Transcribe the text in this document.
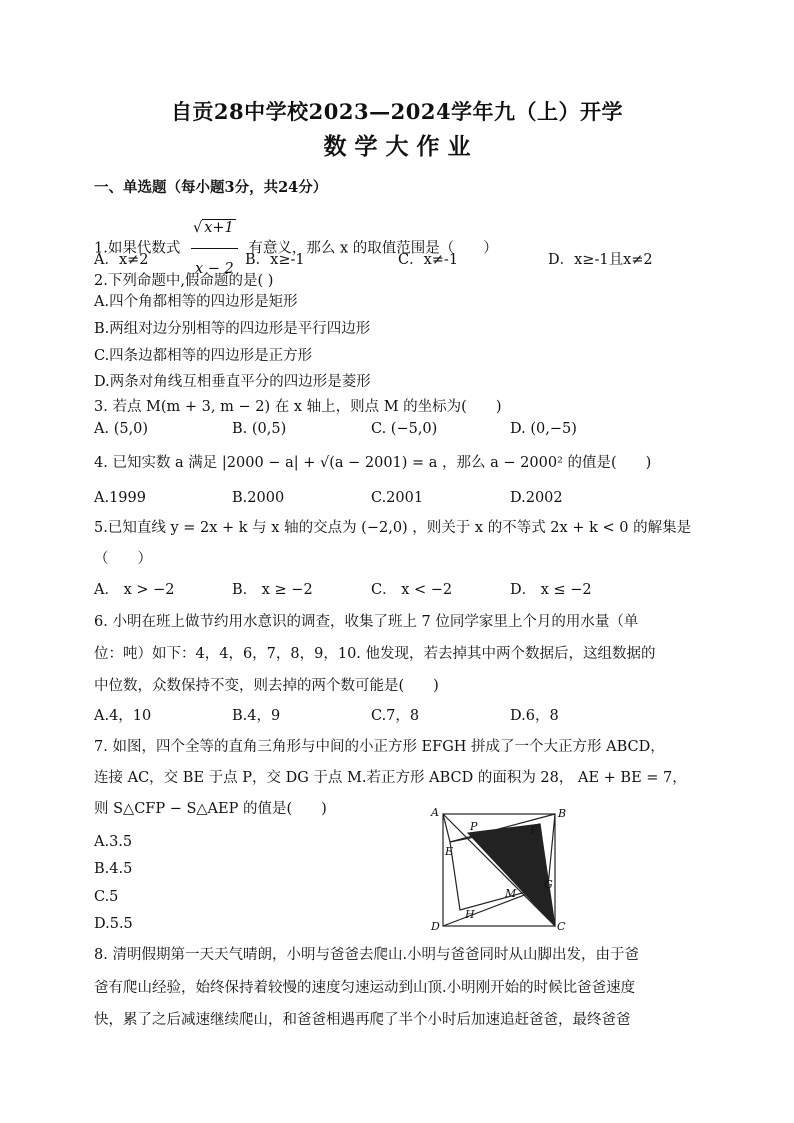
自贡28中学校2023—2024学年九（上）开学
数 学 大 作 业
一、单选题（每小题3分，共24分）
1.如果代数式 $\frac{√ x+1}{x - 2}$ 有意义，那么 x 的取值范围是（　　）
A．x≠2	B．x≥-1	C．x≠-1	D．x≥-1且x≠2
2.下列命题中,假命题的是( )
A.四个角都相等的四边形是矩形
B.两组对边分别相等的四边形是平行四边形
C.四条边都相等的四边形是正方形
D.两条对角线互相垂直平分的四边形是菱形
3. 若点 M(m + 3, m − 2) 在 x 轴上，则点 M 的坐标为(　　)
A. (5,0)	B. (0,5)	C. (−5,0)	D. (0,−5)
4. 已知实数 a 满足 |2000 − a| + √(a − 2001) = a ，那么 a − 2000² 的值是(　　)
A.1999	B.2000	C.2001	D.2002
5.已知直线 y = 2x + k 与 x 轴的交点为 (−2,0) ，则关于 x 的不等式 2x + k < 0 的解集是
（　　）
A． x > −2	B． x ≥ −2	C． x < −2	D． x ≤ −2
6. 小明在班上做节约用水意识的调查，收集了班上 7 位同学家里上个月的用水量（单
位：吨）如下：4，4，6，7，8，9，10. 他发现，若去掉其中两个数据后，这组数据的
中位数，众数保持不变，则去掉的两个数可能是(　　)
A.4，10	B.4，9	C.7，8	D.6，8
7. 如图，四个全等的直角三角形与中间的小正方形 EFGH 拼成了一个大正方形 ABCD，
连接 AC，交 BE 于点 P，交 DG 于点 M.若正方形 ABCD 的面积为 28， AE + BE = 7，
则 S△CFP − S△AEP 的值是(　　)
A.3.5
B.4.5
C.5
D.5.5
A	B
C
D
E
F
G
H
P
M
8. 清明假期第一天天气晴朗，小明与爸爸去爬山.小明与爸爸同时从山脚出发，由于爸
爸有爬山经验，始终保持着较慢的速度匀速运动到山顶.小明刚开始的时候比爸爸速度
快，累了之后减速继续爬山，和爸爸相遇再爬了半个小时后加速追赶爸爸，最终爸爸
